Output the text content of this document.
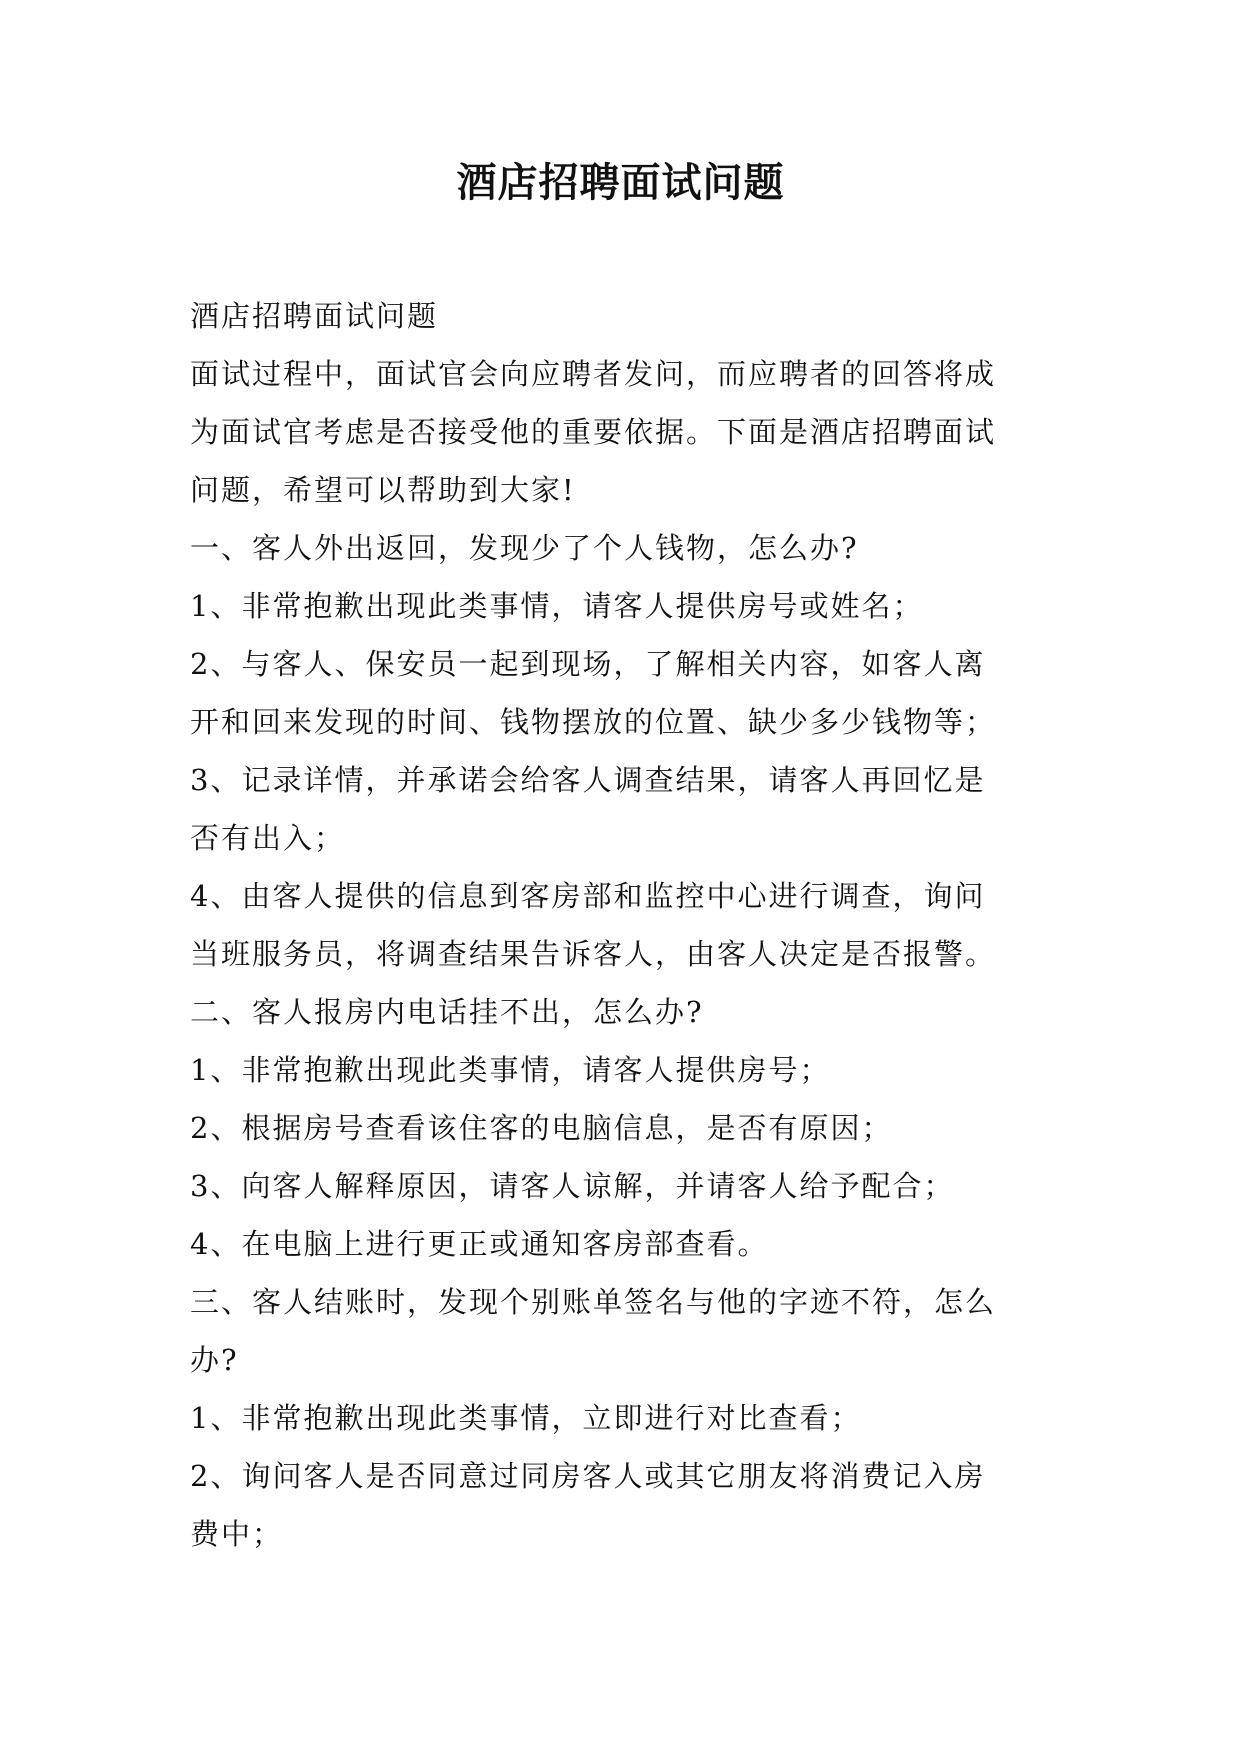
酒店招聘面试问题
酒店招聘面试问题
面试过程中，面试官会向应聘者发问，而应聘者的回答将成
为面试官考虑是否接受他的重要依据。下面是酒店招聘面试
问题，希望可以帮助到大家!
一、客人外出返回，发现少了个人钱物，怎么办?
1、非常抱歉出现此类事情，请客人提供房号或姓名；
2、与客人、保安员一起到现场，了解相关内容，如客人离
开和回来发现的时间、钱物摆放的位置、缺少多少钱物等；
3、记录详情，并承诺会给客人调查结果，请客人再回忆是
否有出入；
4、由客人提供的信息到客房部和监控中心进行调查，询问
当班服务员，将调查结果告诉客人，由客人决定是否报警。
二、客人报房内电话挂不出，怎么办?
1、非常抱歉出现此类事情，请客人提供房号；
2、根据房号查看该住客的电脑信息，是否有原因；
3、向客人解释原因，请客人谅解，并请客人给予配合；
4、在电脑上进行更正或通知客房部查看。
三、客人结账时，发现个别账单签名与他的字迹不符，怎么
办?
1、非常抱歉出现此类事情，立即进行对比查看；
2、询问客人是否同意过同房客人或其它朋友将消费记入房
费中；
